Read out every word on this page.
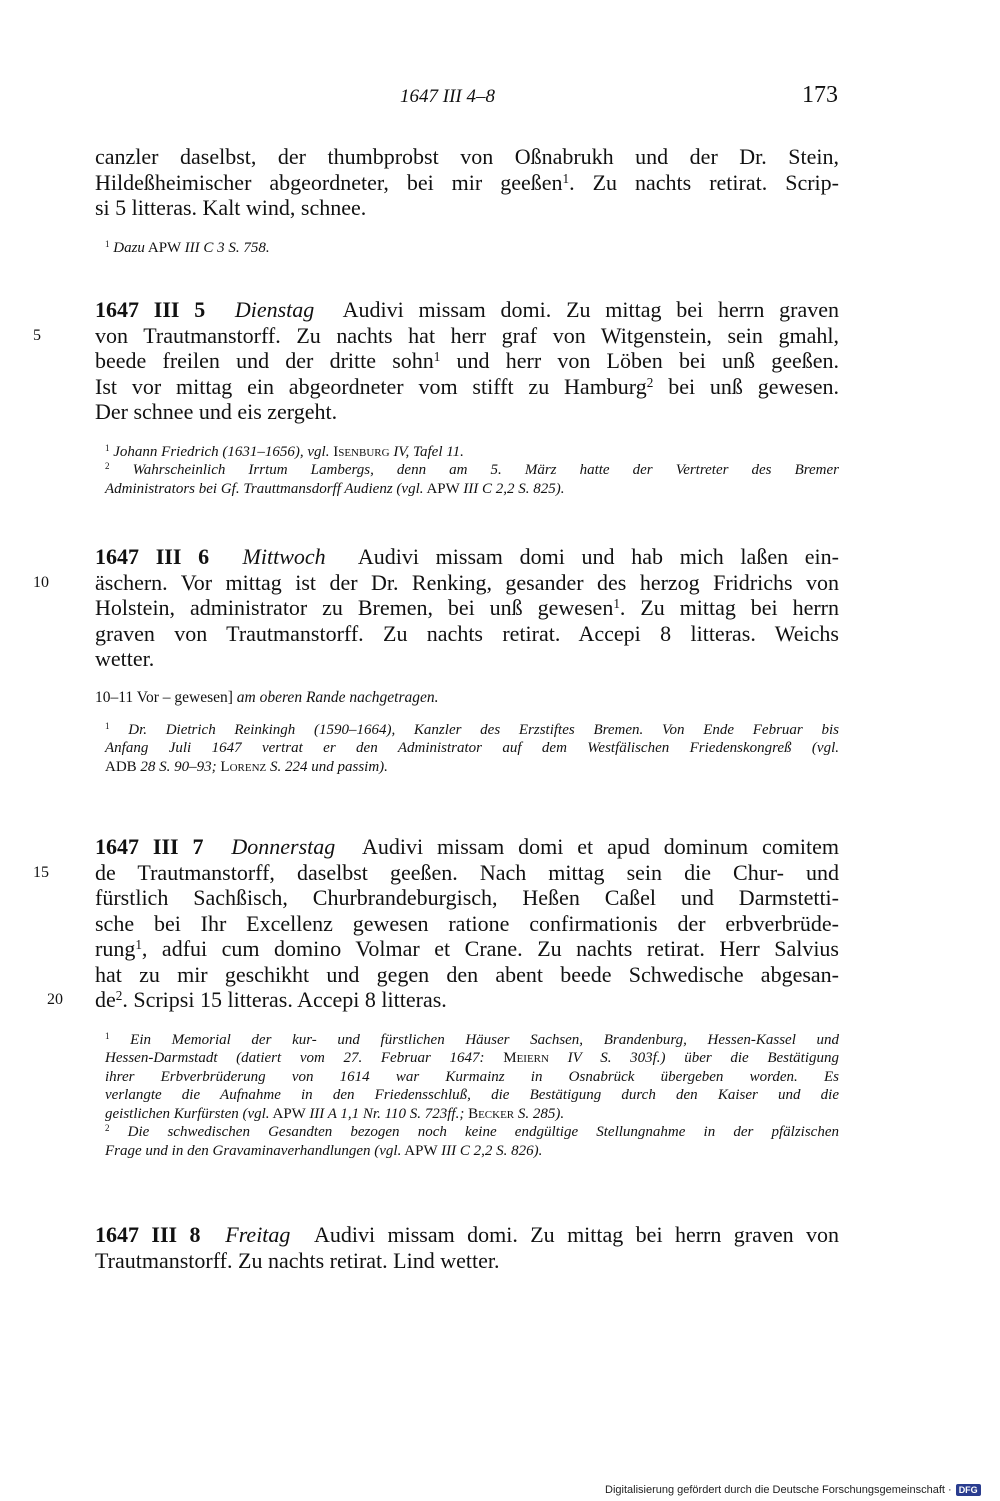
1647 III 4–8	173

canzler daselbst, der thumbprobst von Oßnabrukh und der Dr. Stein,
Hildeßheimischer abgeordneter, bei mir geeßen$^1$. Zu nachts retirat. Scrip-
si 5 litteras. Kalt wind, schnee.

$^1$ Dazu APW III C 3 S. 758.

1647 III 5 Dienstag Audivi missam domi. Zu mittag bei herrn graven
5	von Trautmanstorff. Zu nachts hat herr graf von Witgenstein, sein gmahl,
beede freilen und der dritte sohn$^1$ und herr von Löben bei unß geeßen.
Ist vor mittag ein abgeordneter vom stifft zu Hamburg$^2$ bei unß gewesen.
Der schnee und eis zergeht.

$^1$ Johann Friedrich (1631–1656), vgl. Isenburg IV, Tafel 11.

$^2$ Wahrscheinlich Irrtum Lambergs, denn am 5. März hatte der Vertreter des Bremer
Administrators bei Gf. Trauttmansdorff Audienz (vgl. APW III C 2,2 S. 825).

1647 III 6 Mittwoch Audivi missam domi und hab mich laßen ein-
10	äschern. Vor mittag ist der Dr. Renking, gesander des herzog Fridrichs von
Holstein, administrator zu Bremen, bei unß gewesen$^1$. Zu mittag bei herrn
graven von Trautmanstorff. Zu nachts retirat. Accepi 8 litteras. Weichs
wetter.

10–11 Vor – gewesen] am oberen Rande nachgetragen.

$^1$ Dr. Dietrich Reinkingh (1590–1664), Kanzler des Erzstiftes Bremen. Von Ende Februar bis
Anfang Juli 1647 vertrat er den Administrator auf dem Westfälischen Friedenskongreß (vgl.
ADB 28 S. 90–93; Lorenz S. 224 und passim).

1647 III 7 Donnerstag Audivi missam domi et apud dominum comitem
15	de Trautmanstorff, daselbst geeßen. Nach mittag sein die Chur- und
fürstlich Sachßisch, Churbrandeburgisch, Heßen Caßel und Darmstetti-
sche bei Ihr Excellenz gewesen ratione confirmationis der erbverbrüde-
rung$^1$, adfui cum domino Volmar et Crane. Zu nachts retirat. Herr Salvius
hat zu mir geschikht und gegen den abent beede Schwedische abgesan-
20 $de^2$. Scripsi 15 litteras. Accepi 8 litteras.

$^1$ Ein Memorial der kur- und fürstlichen Häuser Sachsen, Brandenburg, Hessen-Kassel und
Hessen-Darmstadt (datiert vom 27. Februar 1647: Meiern IV S. 303f.) über die Bestätigung
ihrer Erbverbrüderung von 1614 war Kurmainz in Osnabrück übergeben worden. Es
verlangte die Aufnahme in den Friedensschluß, die Bestätigung durch den Kaiser und die
geistlichen Kurfürsten (vgl. APW III A 1,1 Nr. 110 S. 723ff.; Becker S. 285).

$^2$ Die schwedischen Gesandten bezogen noch keine endgültige Stellungnahme in der pfälzischen
Frage und in den Gravaminaverhandlungen (vgl. APW III C 2,2 S. 826).

1647 III 8 Freitag Audivi missam domi. Zu mittag bei herrn graven von
Trautmanstorff. Zu nachts retirat. Lind wetter.

Digitalisierung gefördert durch die Deutsche Forschungsgemeinschaft · DFG
